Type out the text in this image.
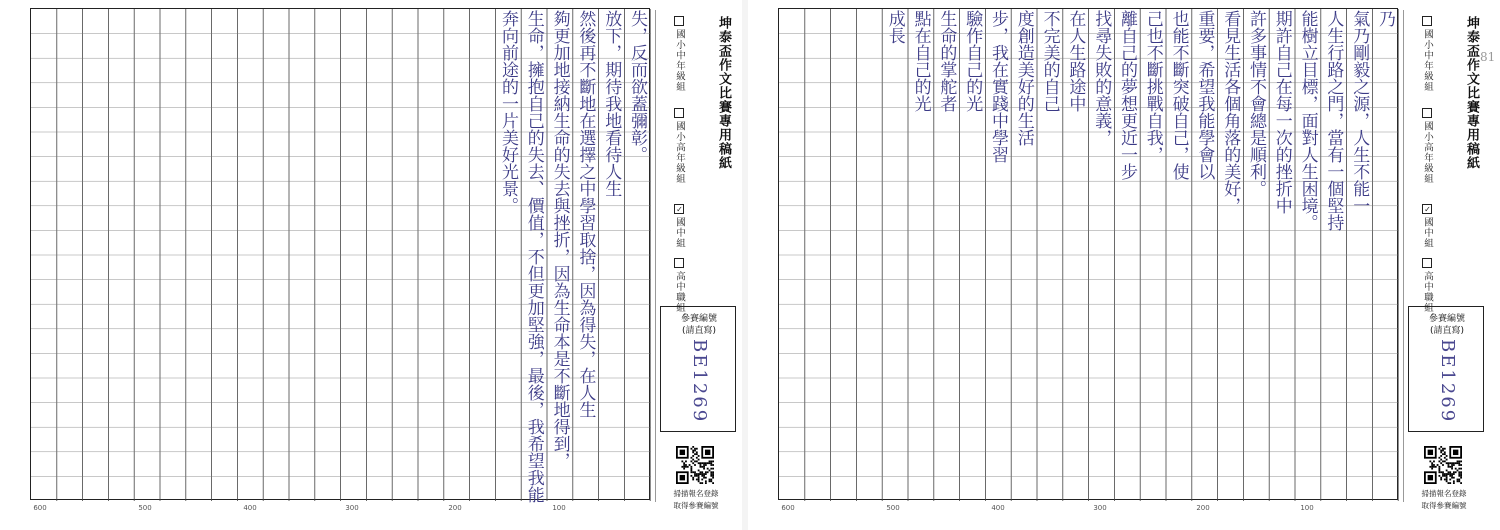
失，反而欲蓋彌彰。
放下，期待我地看待人生
然後再不斷地在選擇之中學習取捨，因為得失，在人生
夠更加地接納生命的失去與挫折，因為生命本是不斷地得到，
生命，擁抱自己的失去、價值，不但更加堅強，最後，我希望我能
奔向前途的一片美好光景。
600	500	400	300	200	100
坤泰盃作文比賽專用稿紙
國小中年級組
國小高年級組
✓國中組
高中職組
參賽編號
(請直寫)
BE1269
掃描報名登錄
取得參賽編號
乃
氣乃剛毅之源，人生不能一
人生行路之門，當有一個堅持
能樹立目標，面對人生困境。
期許自己在每一次的挫折中
許多事情不會總是順利。
看見生活各個角落的美好，
重要，希望我能學會以
也能不斷突破自己，使
己也不斷挑戰自我，
離自己的夢想更近一步
找尋失敗的意義，
在人生路途中
不完美的自己
度創造美好的生活
步，我在實踐中學習
驗作自己的光
生命的掌舵者
點在自己的光
成長
600	500	400	300	200	100
81
坤泰盃作文比賽專用稿紙
國小中年級組
國小高年級組
✓國中組
高中職組
參賽編號
(請直寫)
BE1269
掃描報名登錄
取得參賽編號
